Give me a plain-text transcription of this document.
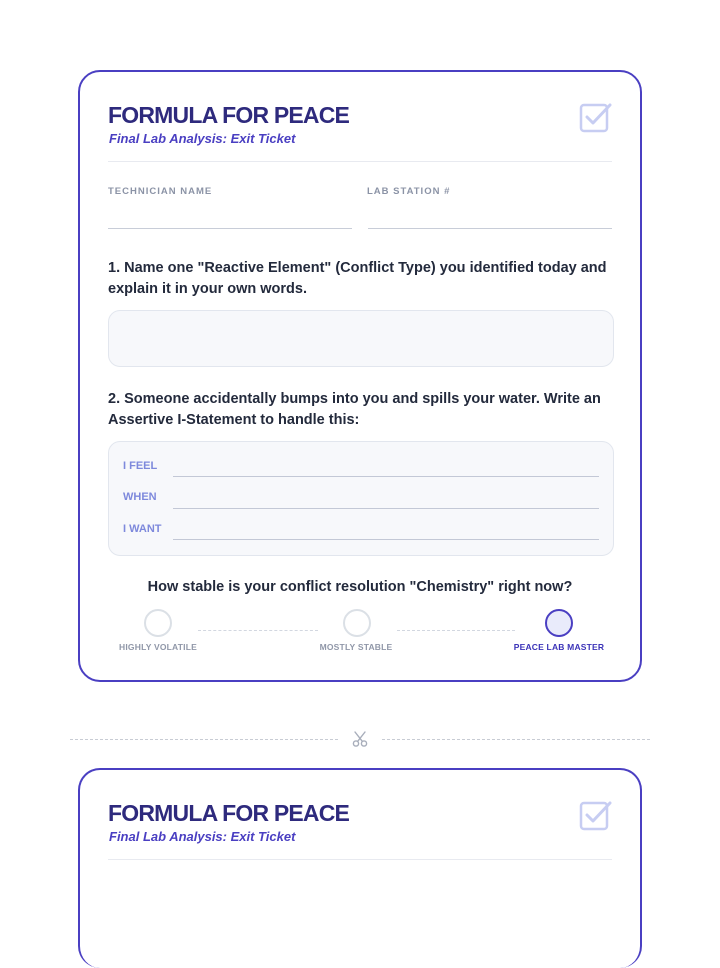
FORMULA FOR PEACE
Final Lab Analysis: Exit Ticket
TECHNICIAN NAME	LAB STATION #
1. Name one "Reactive Element" (Conflict Type) you identified today and explain it in your own words.
2. Someone accidentally bumps into you and spills your water. Write an Assertive I-Statement to handle this:
I FEEL
WHEN
I WANT
How stable is your conflict resolution "Chemistry" right now?
HIGHLY VOLATILE	MOSTLY STABLE	PEACE LAB MASTER
FORMULA FOR PEACE
Final Lab Analysis: Exit Ticket
